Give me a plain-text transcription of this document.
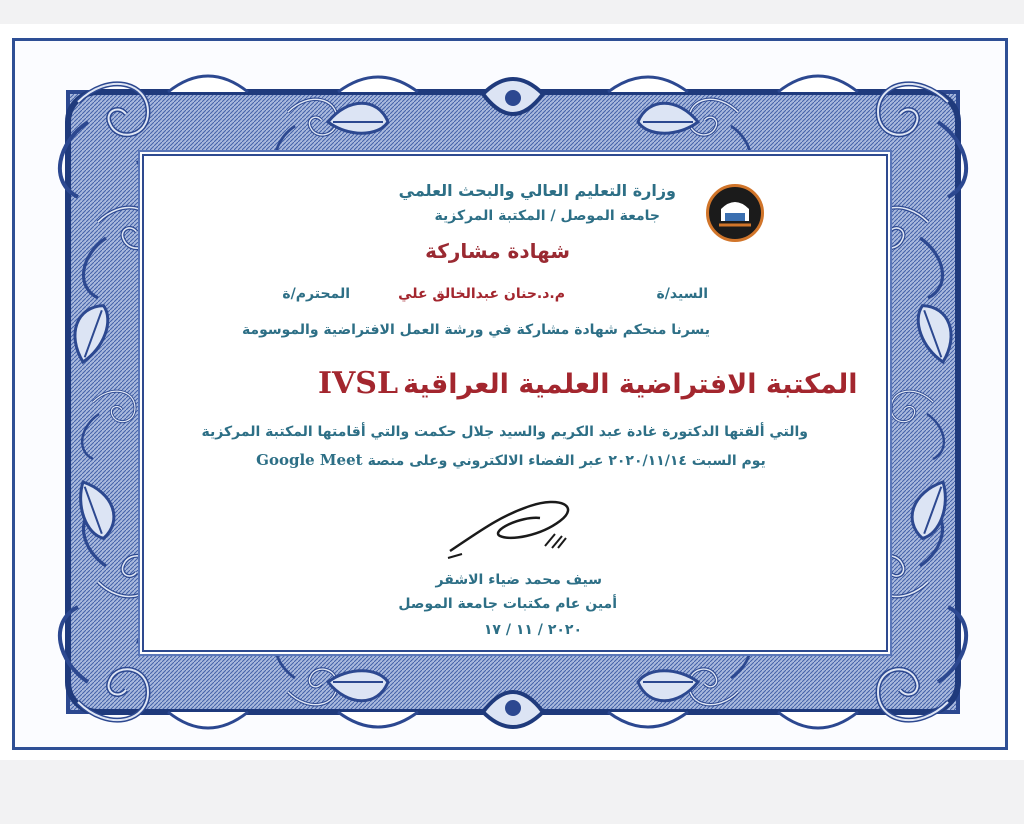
وزارة التعليم العالي والبحث العلمي
جامعة الموصل / المكتبة المركزية
شهادة مشاركة
السيد/ة
م.د.حنان عبدالخالق علي
المحترم/ة
يسرنا منحكم شهادة مشاركة في ورشة العمل الافتراضية والموسومة
IVSL المكتبة الافتراضية العلمية العراقية
والتي ألقتها الدكتورة غادة عبد الكريم والسيد جلال حكمت والتي أقامتها المكتبة المركزية
Google Meet يوم السبت ٢٠٢٠/١١/١٤ عبر الفضاء الالكتروني وعلى منصة
سيف محمد ضياء الاشقر
أمين عام مكتبات جامعة الموصل
٢٠٢٠ / ١١ / ١٧
